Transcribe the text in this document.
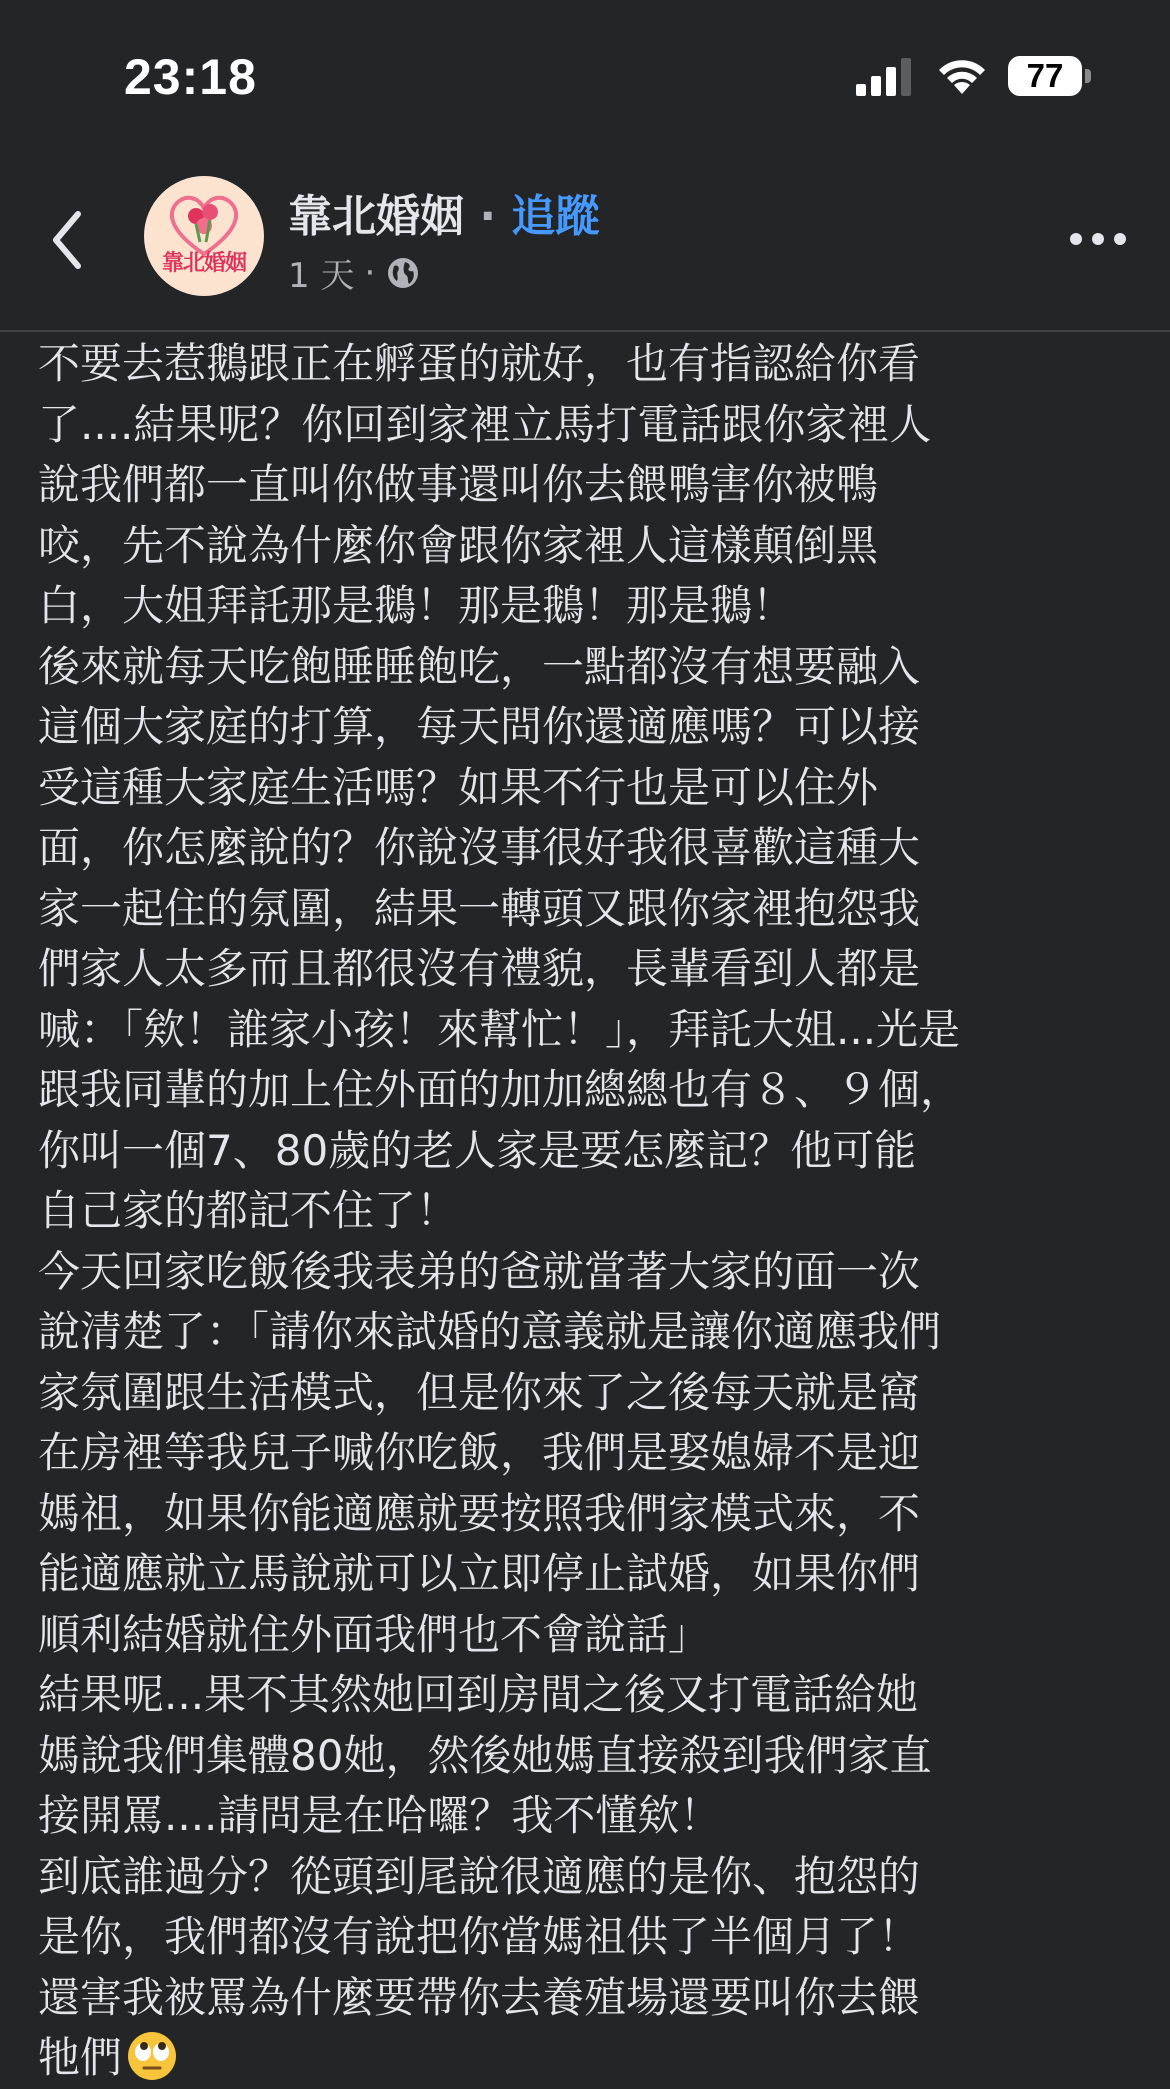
23:18	77
靠北婚姻
靠北婚姻 · 追蹤
1 天 ·
不要去惹鵝跟正在孵蛋的就好，也有指認給你看
了....結果呢？你回到家裡立馬打電話跟你家裡人
說我們都一直叫你做事還叫你去餵鴨害你被鴨
咬，先不說為什麼你會跟你家裡人這樣顛倒黑
白，大姐拜託那是鵝！那是鵝！那是鵝！
後來就每天吃飽睡睡飽吃，一點都沒有想要融入
這個大家庭的打算，每天問你還適應嗎？可以接
受這種大家庭生活嗎？如果不行也是可以住外
面，你怎麼說的？你說沒事很好我很喜歡這種大
家一起住的氛圍，結果一轉頭又跟你家裡抱怨我
們家人太多而且都很沒有禮貌，長輩看到人都是
喊：「欸！誰家小孩！來幫忙！」，拜託大姐...光是
跟我同輩的加上住外面的加加總總也有８、９個，
你叫一個7、80歲的老人家是要怎麼記？他可能
自己家的都記不住了！
今天回家吃飯後我表弟的爸就當著大家的面一次
說清楚了：「請你來試婚的意義就是讓你適應我們
家氛圍跟生活模式，但是你來了之後每天就是窩
在房裡等我兒子喊你吃飯，我們是娶媳婦不是迎
媽祖，如果你能適應就要按照我們家模式來，不
能適應就立馬說就可以立即停止試婚，如果你們
順利結婚就住外面我們也不會說話」
結果呢...果不其然她回到房間之後又打電話給她
媽說我們集體80她，然後她媽直接殺到我們家直
接開罵....請問是在哈囉？我不懂欸！
到底誰過分？從頭到尾說很適應的是你、抱怨的
是你，我們都沒有說把你當媽祖供了半個月了！
還害我被罵為什麼要帶你去養殖場還要叫你去餵
牠們
